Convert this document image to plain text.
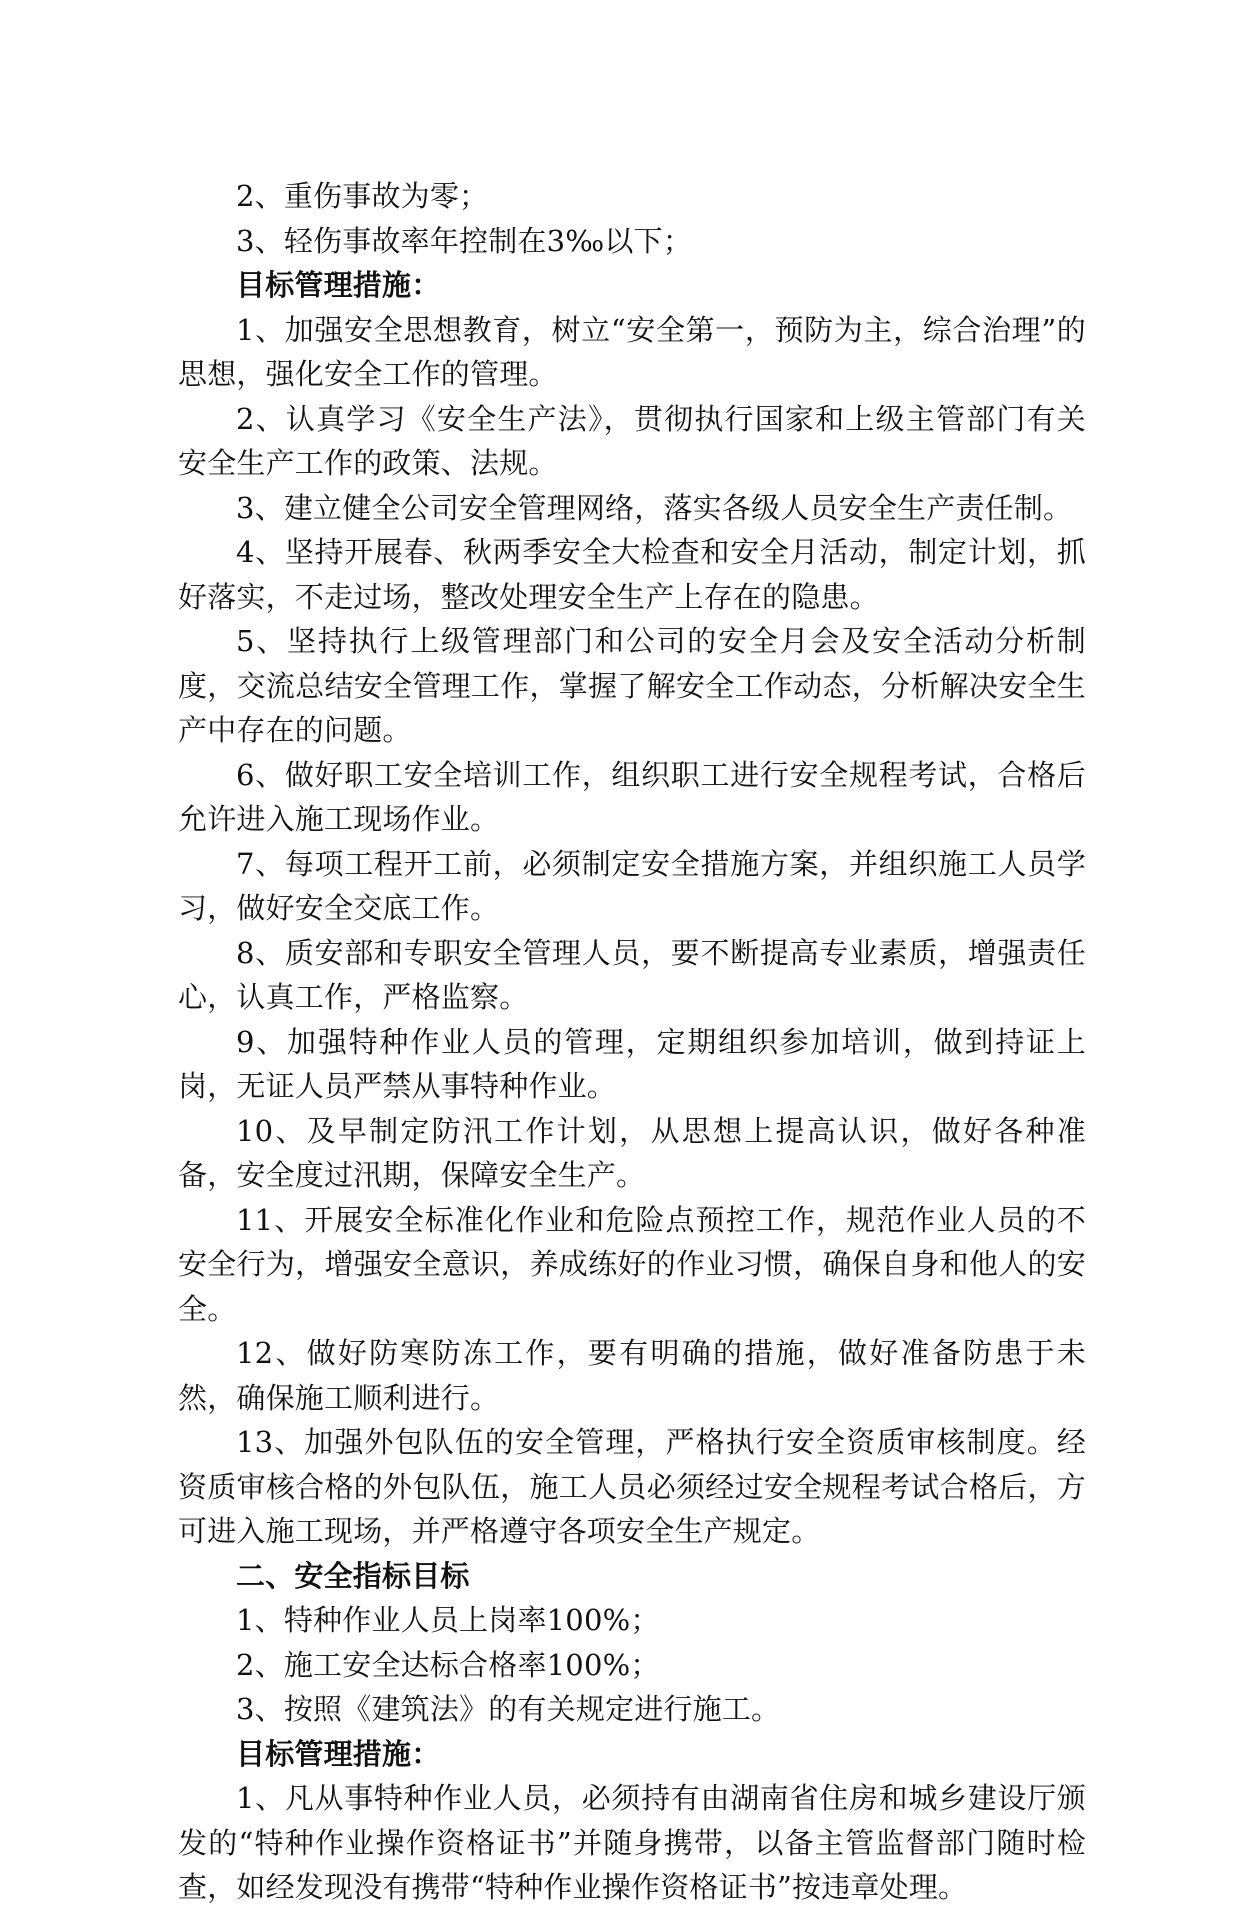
2、重伤事故为零；

3、轻伤事故率年控制在3‰以下；

目标管理措施：

1、加强安全思想教育，树立“安全第一，预防为主，综合治理”的思想，强化安全工作的管理。

2、认真学习《安全生产法》，贯彻执行国家和上级主管部门有关安全生产工作的政策、法规。

3、建立健全公司安全管理网络，落实各级人员安全生产责任制。

4、坚持开展春、秋两季安全大检查和安全月活动，制定计划，抓好落实，不走过场，整改处理安全生产上存在的隐患。

5、坚持执行上级管理部门和公司的安全月会及安全活动分析制度，交流总结安全管理工作，掌握了解安全工作动态，分析解决安全生产中存在的问题。

6、做好职工安全培训工作，组织职工进行安全规程考试，合格后允许进入施工现场作业。

7、每项工程开工前，必须制定安全措施方案，并组织施工人员学习，做好安全交底工作。

8、质安部和专职安全管理人员，要不断提高专业素质，增强责任心，认真工作，严格监察。

9、加强特种作业人员的管理，定期组织参加培训，做到持证上岗，无证人员严禁从事特种作业。

10、及早制定防汛工作计划，从思想上提高认识，做好各种准备，安全度过汛期，保障安全生产。

11、开展安全标准化作业和危险点预控工作，规范作业人员的不安全行为，增强安全意识，养成练好的作业习惯，确保自身和他人的安全。

12、做好防寒防冻工作，要有明确的措施，做好准备防患于未然，确保施工顺利进行。

13、加强外包队伍的安全管理，严格执行安全资质审核制度。经资质审核合格的外包队伍，施工人员必须经过安全规程考试合格后，方可进入施工现场，并严格遵守各项安全生产规定。

二、安全指标目标

1、特种作业人员上岗率100%；

2、施工安全达标合格率100%；

3、按照《建筑法》的有关规定进行施工。

目标管理措施：

1、凡从事特种作业人员，必须持有由湖南省住房和城乡建设厅颁发的“特种作业操作资格证书”并随身携带，以备主管监督部门随时检查，如经发现没有携带“特种作业操作资格证书”按违章处理。
